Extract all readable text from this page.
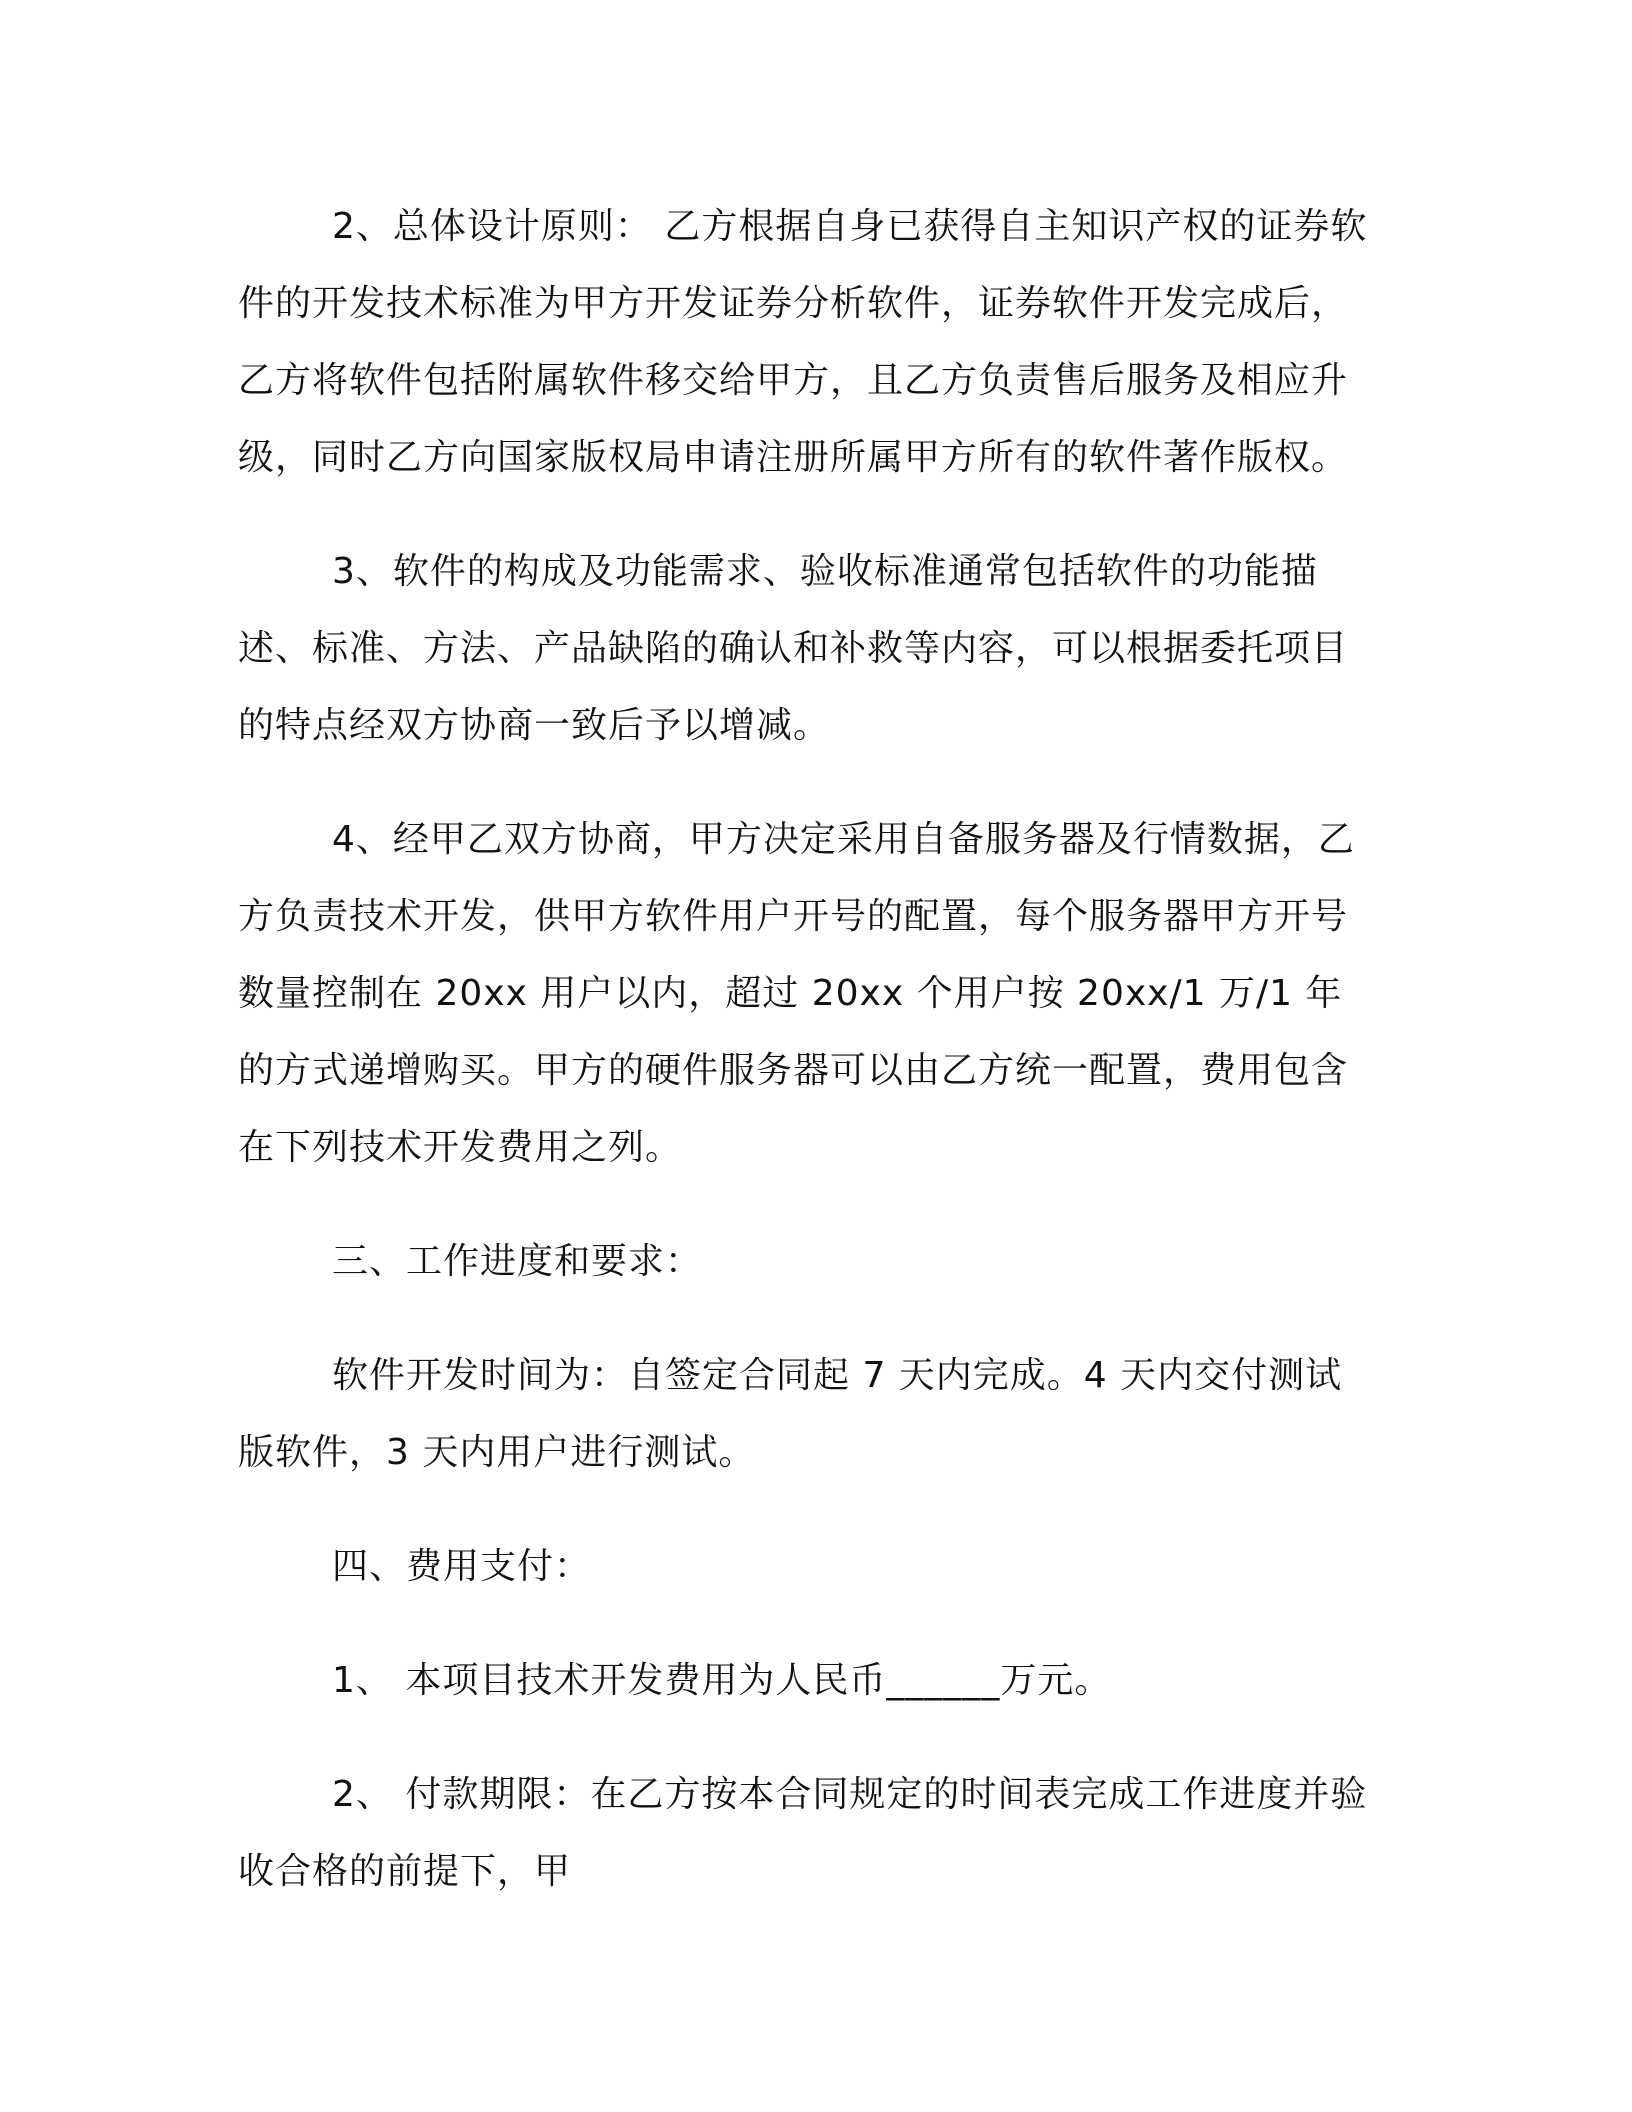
2、总体设计原则： 乙方根据自身已获得自主知识产权的证券软件的开发技术标准为甲方开发证券分析软件，证券软件开发完成后，乙方将软件包括附属软件移交给甲方，且乙方负责售后服务及相应升级，同时乙方向国家版权局申请注册所属甲方所有的软件著作版权。

3、软件的构成及功能需求、验收标准通常包括软件的功能描述、标准、方法、产品缺陷的确认和补救等内容，可以根据委托项目的特点经双方协商一致后予以增减。

4、经甲乙双方协商，甲方决定采用自备服务器及行情数据，乙方负责技术开发，供甲方软件用户开号的配置，每个服务器甲方开号数量控制在 20xx 用户以内，超过 20xx 个用户按 20xx/1 万/1 年的方式递增购买。甲方的硬件服务器可以由乙方统一配置，费用包含在下列技术开发费用之列。

三、工作进度和要求：

软件开发时间为：自签定合同起 7 天内完成。4 天内交付测试版软件，3 天内用户进行测试。

四、费用支付：

1、 本项目技术开发费用为人民币______万元。

2、 付款期限：在乙方按本合同规定的时间表完成工作进度并验收合格的前提下，甲
